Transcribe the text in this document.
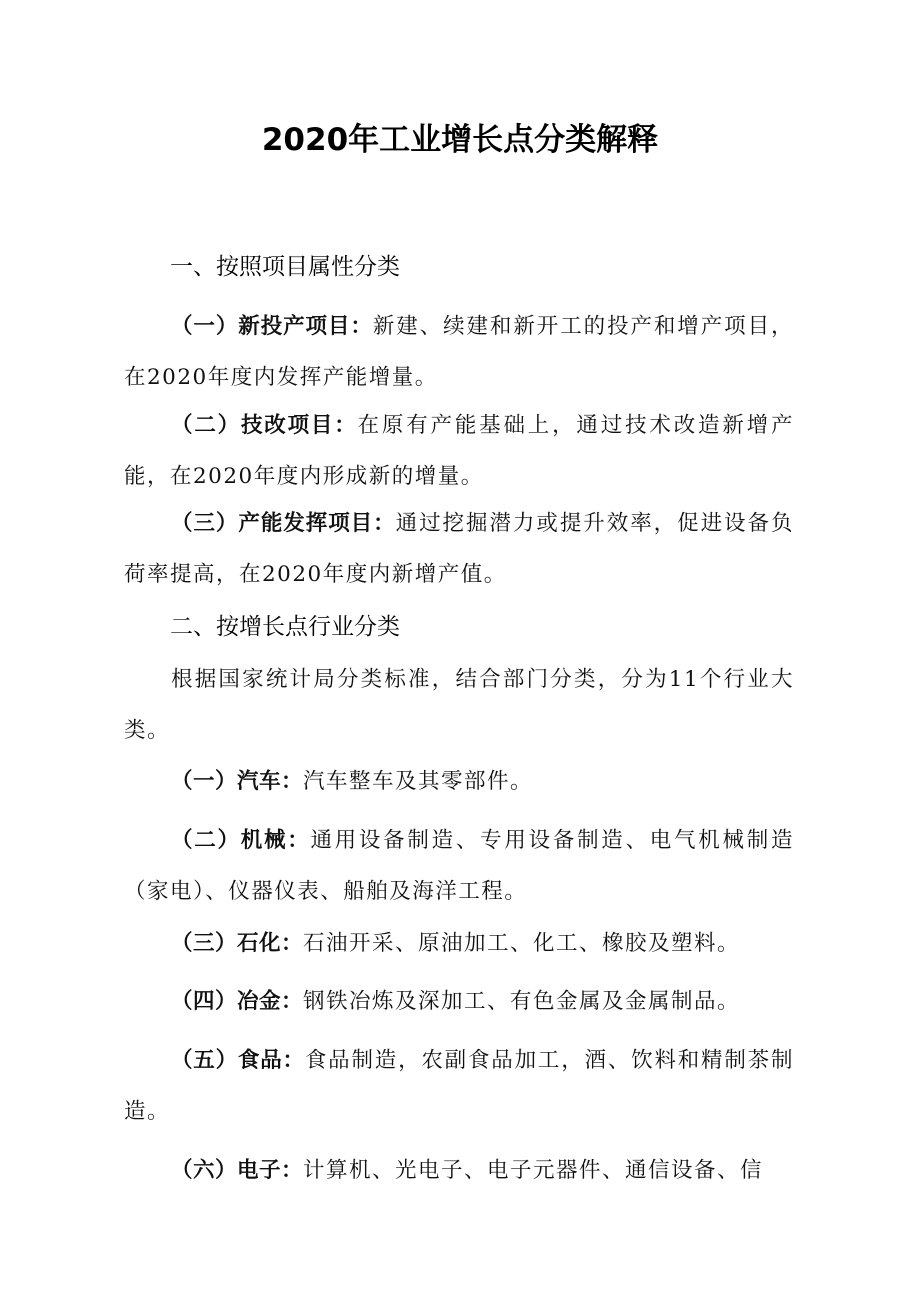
2020年工业增长点分类解释
一、按照项目属性分类

（一）新投产项目：新建、续建和新开工的投产和增产项目，在2020年度内发挥产能增量。

（二）技改项目：在原有产能基础上，通过技术改造新增产能，在2020年度内形成新的增量。

（三）产能发挥项目：通过挖掘潜力或提升效率，促进设备负荷率提高，在2020年度内新增产值。

二、按增长点行业分类

根据国家统计局分类标准，结合部门分类，分为11个行业大类。

（一）汽车：汽车整车及其零部件。

（二）机械：通用设备制造、专用设备制造、电气机械制造（家电）、仪器仪表、船舶及海洋工程。

（三）石化：石油开采、原油加工、化工、橡胶及塑料。

（四）冶金：钢铁冶炼及深加工、有色金属及金属制品。

（五）食品：食品制造，农副食品加工，酒、饮料和精制茶制造。

（六）电子：计算机、光电子、电子元器件、通信设备、信
